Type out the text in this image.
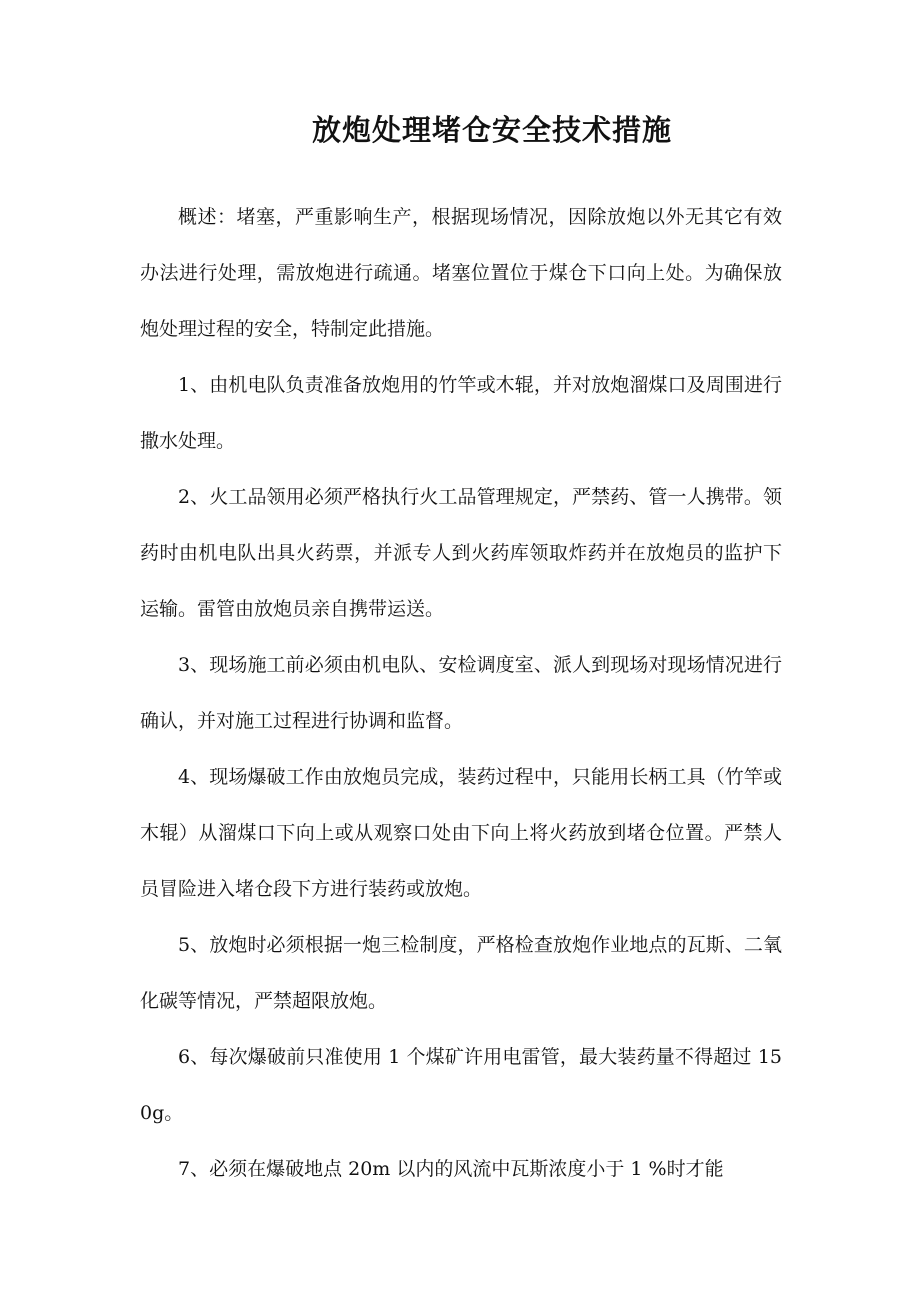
放炮处理堵仓安全技术措施

概述：堵塞，严重影响生产，根据现场情况，因除放炮以外无其它有效办法进行处理，需放炮进行疏通。堵塞位置位于煤仓下口向上处。为确保放炮处理过程的安全，特制定此措施。

1、由机电队负责准备放炮用的竹竿或木辊，并对放炮溜煤口及周围进行撒水处理。

2、火工品领用必须严格执行火工品管理规定，严禁药、管一人携带。领药时由机电队出具火药票，并派专人到火药库领取炸药并在放炮员的监护下运输。雷管由放炮员亲自携带运送。

3、现场施工前必须由机电队、安检调度室、派人到现场对现场情况进行确认，并对施工过程进行协调和监督。

4、现场爆破工作由放炮员完成，装药过程中，只能用长柄工具（竹竿或木辊）从溜煤口下向上或从观察口处由下向上将火药放到堵仓位置。严禁人员冒险进入堵仓段下方进行装药或放炮。

5、放炮时必须根据一炮三检制度，严格检查放炮作业地点的瓦斯、二氧化碳等情况，严禁超限放炮。

6、每次爆破前只准使用 1 个煤矿许用电雷管，最大装药量不得超过 150g。

7、必须在爆破地点 20m 以内的风流中瓦斯浓度小于 1 %时才能
